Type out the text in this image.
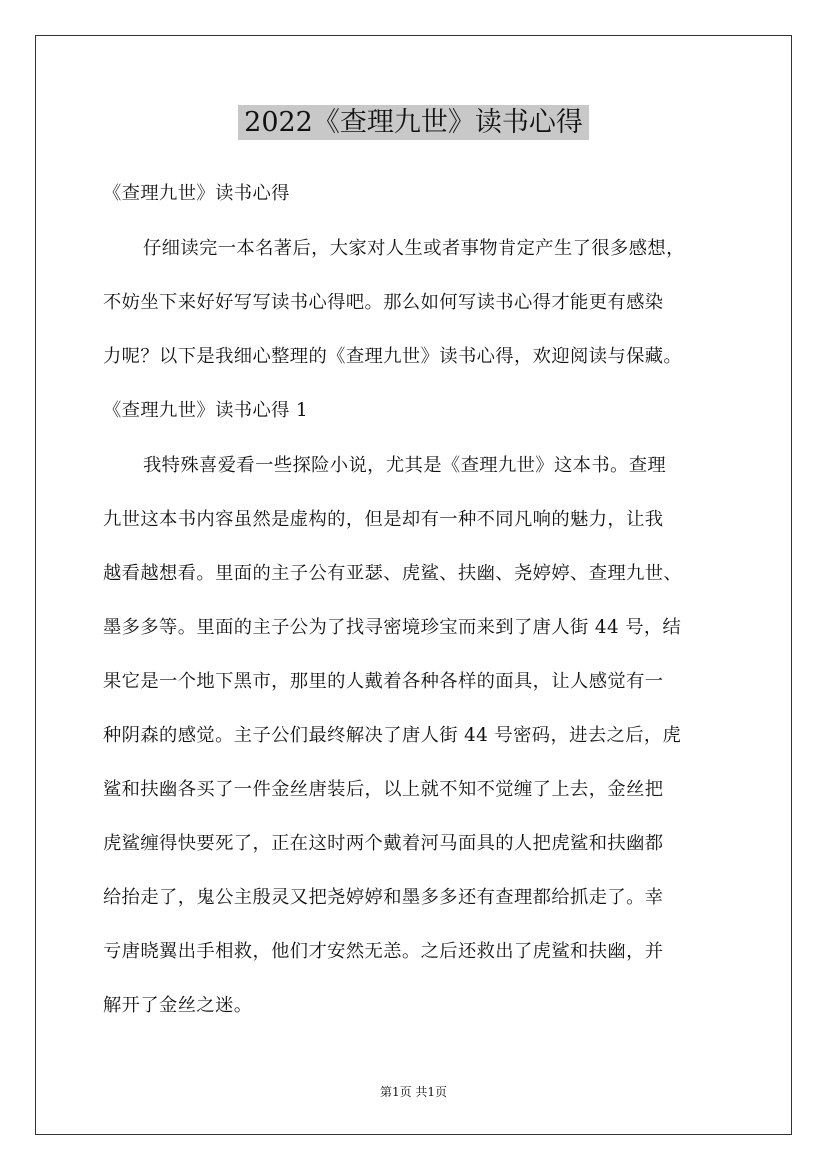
2022《查理九世》读书心得
《查理九世》读书心得
仔细读完一本名著后，大家对人生或者事物肯定产生了很多感想，
不妨坐下来好好写写读书心得吧。那么如何写读书心得才能更有感染
力呢？以下是我细心整理的《查理九世》读书心得，欢迎阅读与保藏。
《查理九世》读书心得 1
我特殊喜爱看一些探险小说，尤其是《查理九世》这本书。查理
九世这本书内容虽然是虚构的，但是却有一种不同凡响的魅力，让我
越看越想看。里面的主子公有亚瑟、虎鲨、扶幽、尧婷婷、查理九世、
墨多多等。里面的主子公为了找寻密境珍宝而来到了唐人街 44 号，结
果它是一个地下黑市，那里的人戴着各种各样的面具，让人感觉有一
种阴森的感觉。主子公们最终解决了唐人街 44 号密码，进去之后，虎
鲨和扶幽各买了一件金丝唐装后，以上就不知不觉缠了上去，金丝把
虎鲨缠得快要死了，正在这时两个戴着河马面具的人把虎鲨和扶幽都
给抬走了，鬼公主殷灵又把尧婷婷和墨多多还有查理都给抓走了。幸
亏唐晓翼出手相救，他们才安然无恙。之后还救出了虎鲨和扶幽，并
解开了金丝之迷。
第1页 共1页
